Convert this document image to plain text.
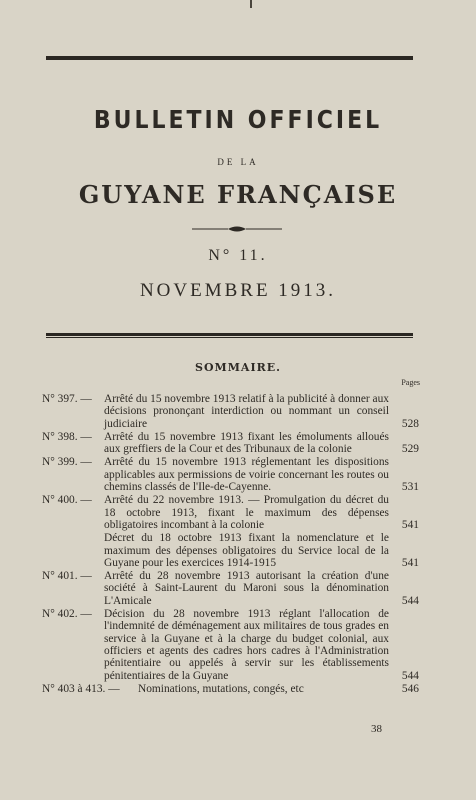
BULLETIN OFFICIEL
DE LA
GUYANE FRANÇAISE
N° 11.
NOVEMBRE 1913.
SOMMAIRE.
Pages
N° 397. —	Arrêté du 15 novembre 1913 relatif à la publicité à donner aux décisions prononçant interdiction ou nommant un conseil judiciaire	528
N° 398. —	Arrêté du 15 novembre 1913 fixant les émoluments alloués aux greffiers de la Cour et des Tribunaux de la colonie	529
N° 399. —	Arrêté du 15 novembre 1913 réglementant les dispositions applicables aux permissions de voirie concernant les routes ou chemins classés de l'Ile-de-Cayenne.	531
N° 400. —	Arrêté du 22 novembre 1913. — Promulgation du décret du 18 octobre 1913, fixant le maximum des dépenses obligatoires incombant à la colonie	541
Décret du 18 octobre 1913 fixant la nomenclature et le maximum des dépenses obligatoires du Service local de la Guyane pour les exercices 1914-1915	541
N° 401. —	Arrêté du 28 novembre 1913 autorisant la création d'une société à Saint-Laurent du Maroni sous la dénomination L'Amicale	544
N° 402. —	Décision du 28 novembre 1913 réglant l'allocation de l'indemnité de déménagement aux militaires de tous grades en service à la Guyane et à la charge du budget colonial, aux officiers et agents des cadres hors cadres à l'Administration pénitentiaire ou appelés à servir sur les établissements pénitentiaires de la Guyane	544
N° 403 à 413. —	Nominations, mutations, congés, etc	546
38
